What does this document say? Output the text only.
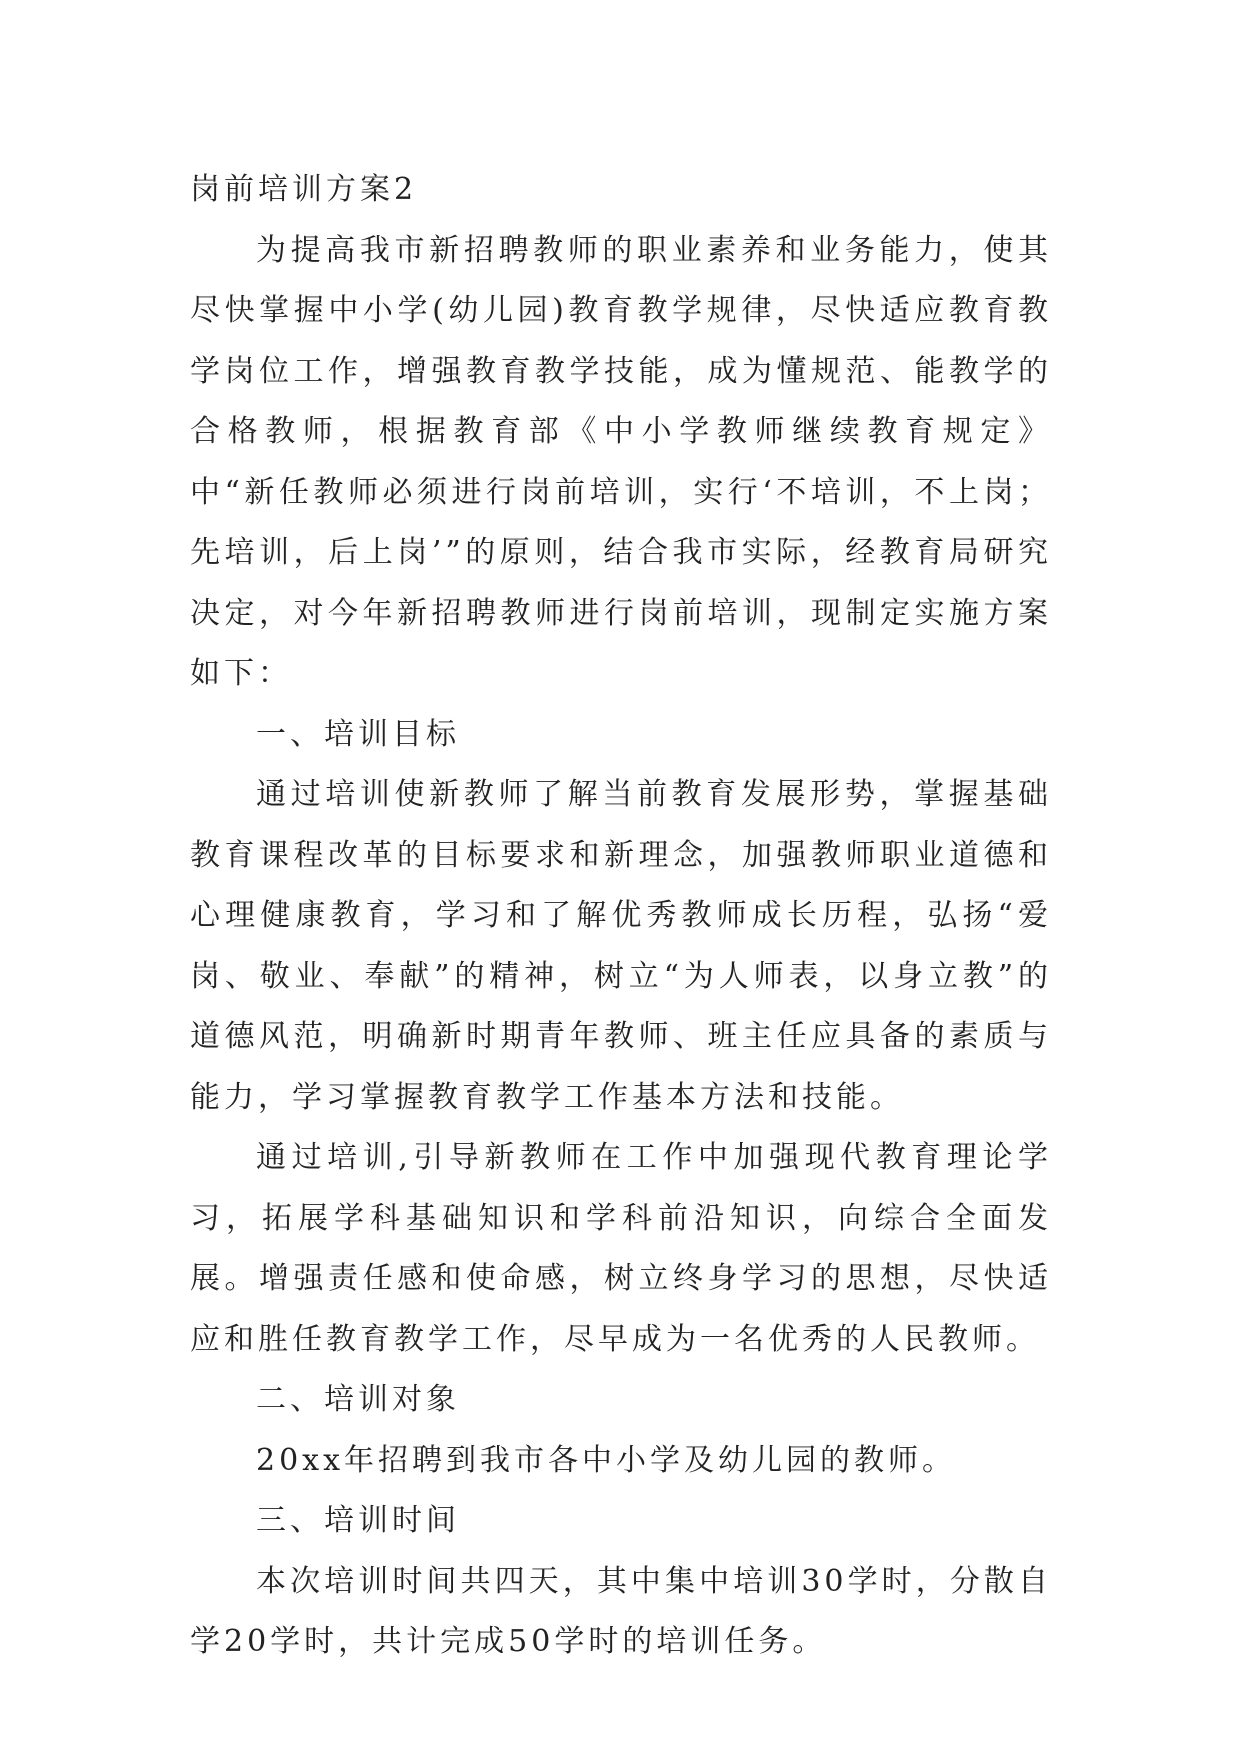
岗前培训方案2

为提高我市新招聘教师的职业素养和业务能力，使其尽快掌握中小学(幼儿园)教育教学规律，尽快适应教育教学岗位工作，增强教育教学技能，成为懂规范、能教学的合格教师，根据教育部《中小学教师继续教育规定》中“新任教师必须进行岗前培训，实行‘不培训，不上岗；先培训，后上岗’”的原则，结合我市实际，经教育局研究决定，对今年新招聘教师进行岗前培训，现制定实施方案如下：

一、培训目标

通过培训使新教师了解当前教育发展形势，掌握基础教育课程改革的目标要求和新理念，加强教师职业道德和心理健康教育，学习和了解优秀教师成长历程，弘扬“爱岗、敬业、奉献”的精神，树立“为人师表，以身立教”的道德风范，明确新时期青年教师、班主任应具备的素质与能力，学习掌握教育教学工作基本方法和技能。

通过培训,引导新教师在工作中加强现代教育理论学习，拓展学科基础知识和学科前沿知识，向综合全面发展。增强责任感和使命感，树立终身学习的思想，尽快适应和胜任教育教学工作，尽早成为一名优秀的人民教师。

二、培训对象

20xx年招聘到我市各中小学及幼儿园的教师。

三、培训时间

本次培训时间共四天，其中集中培训30学时，分散自学20学时，共计完成50学时的培训任务。
